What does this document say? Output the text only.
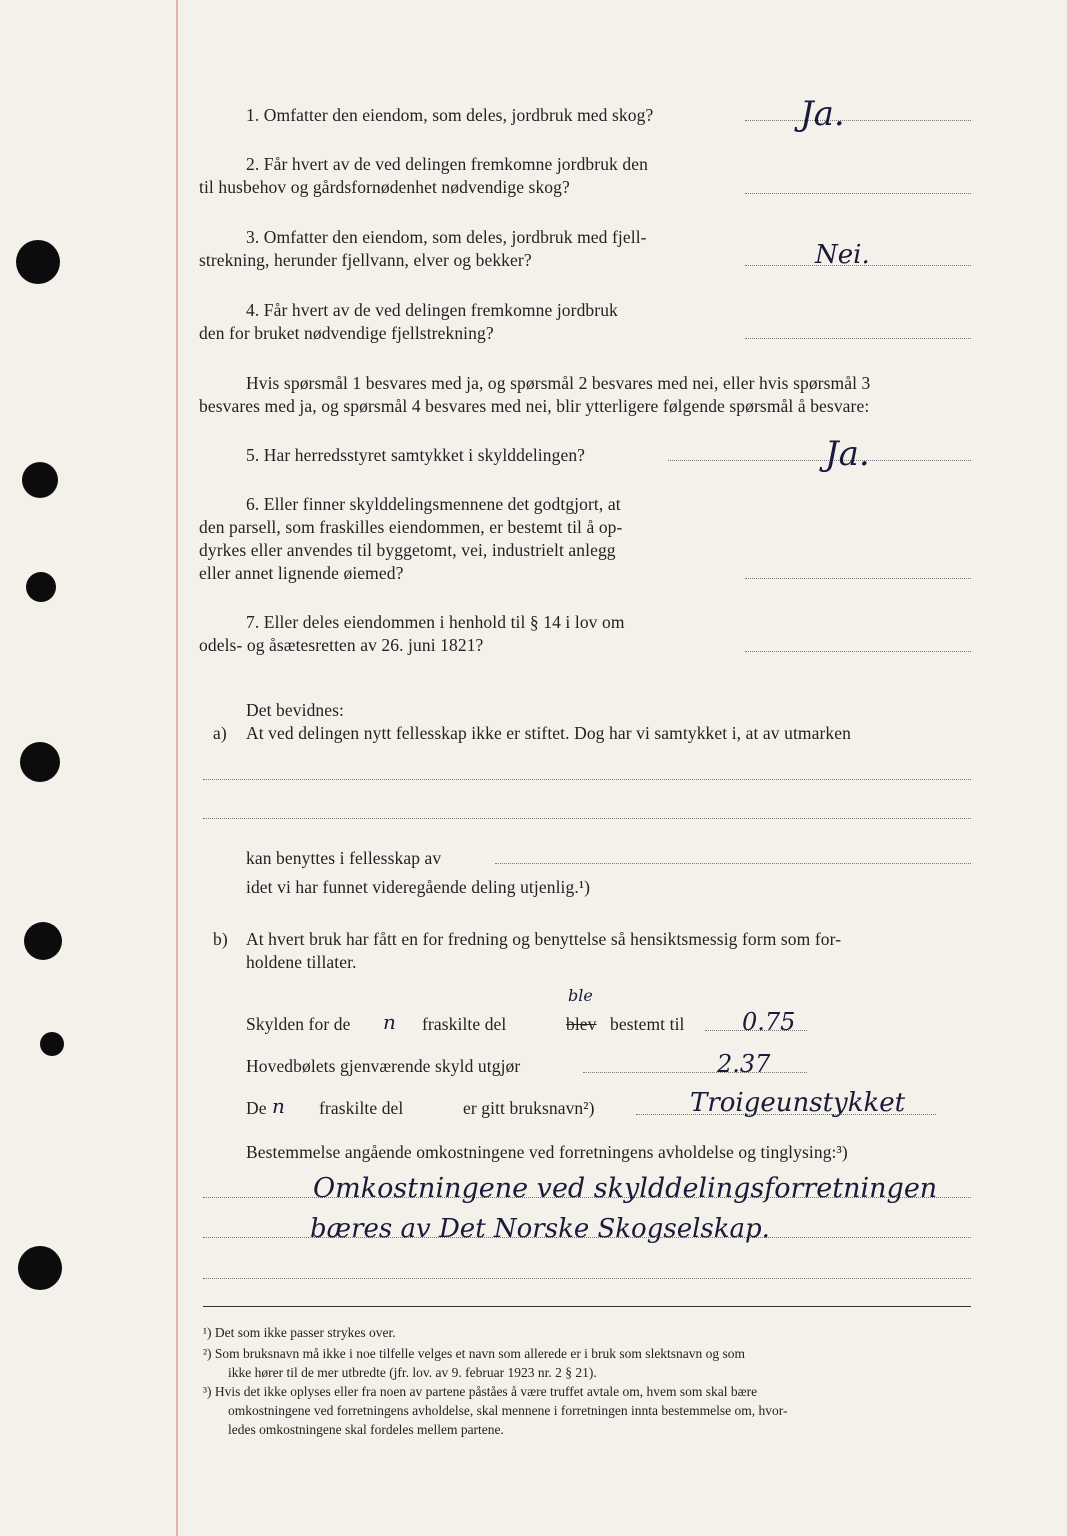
1. Omfatter den eiendom, som deles, jordbruk med skog?	Ja.
2. Får hvert av de ved delingen fremkomne jordbruk den
til husbehov og gårdsfornødenhet nødvendige skog?
3. Omfatter den eiendom, som deles, jordbruk med fjell-
strekning, herunder fjellvann, elver og bekker?	Nei.
4. Får hvert av de ved delingen fremkomne jordbruk
den for bruket nødvendige fjellstrekning?
Hvis spørsmål 1 besvares med ja, og spørsmål 2 besvares med nei, eller hvis spørsmål 3
besvares med ja, og spørsmål 4 besvares med nei, blir ytterligere følgende spørsmål å besvare:
5. Har herredsstyret samtykket i skylddelingen?	Ja.
6. Eller finner skylddelingsmennene det godtgjort, at
den parsell, som fraskilles eiendommen, er bestemt til å op-
dyrkes eller anvendes til byggetomt, vei, industrielt anlegg
eller annet lignende øiemed?
7. Eller deles eiendommen i henhold til § 14 i lov om
odels- og åsætesretten av 26. juni 1821?
Det bevidnes:
a) At ved delingen nytt fellesskap ikke er stiftet. Dog har vi samtykket i, at av utmarken
kan benyttes i fellesskap av
idet vi har funnet videregående deling utjenlig.¹)
b) At hvert bruk har fått en for fredning og benyttelse så hensiktsmessig form som for-
holdene tillater.
Skylden for de n fraskilte del
ble
blev bestemt til 0.75
Hovedbølets gjenværende skyld utgjør	2.37
De n fraskilte del	er gitt bruksnavn²)	Troigeunstykket
Bestemmelse angående omkostningene ved forretningens avholdelse og tinglysing:³)
Omkostningene ved skylddelingsforretningen
bæres av Det Norske Skogselskap.
¹) Det som ikke passer strykes over.
²) Som bruksnavn må ikke i noe tilfelle velges et navn som allerede er i bruk som slektsnavn og som
ikke hører til de mer utbredte (jfr. lov. av 9. februar 1923 nr. 2 § 21).
³) Hvis det ikke oplyses eller fra noen av partene påståes å være truffet avtale om, hvem som skal bære
omkostningene ved forretningens avholdelse, skal mennene i forretningen innta bestemmelse om, hvor-
ledes omkostningene skal fordeles mellem partene.
